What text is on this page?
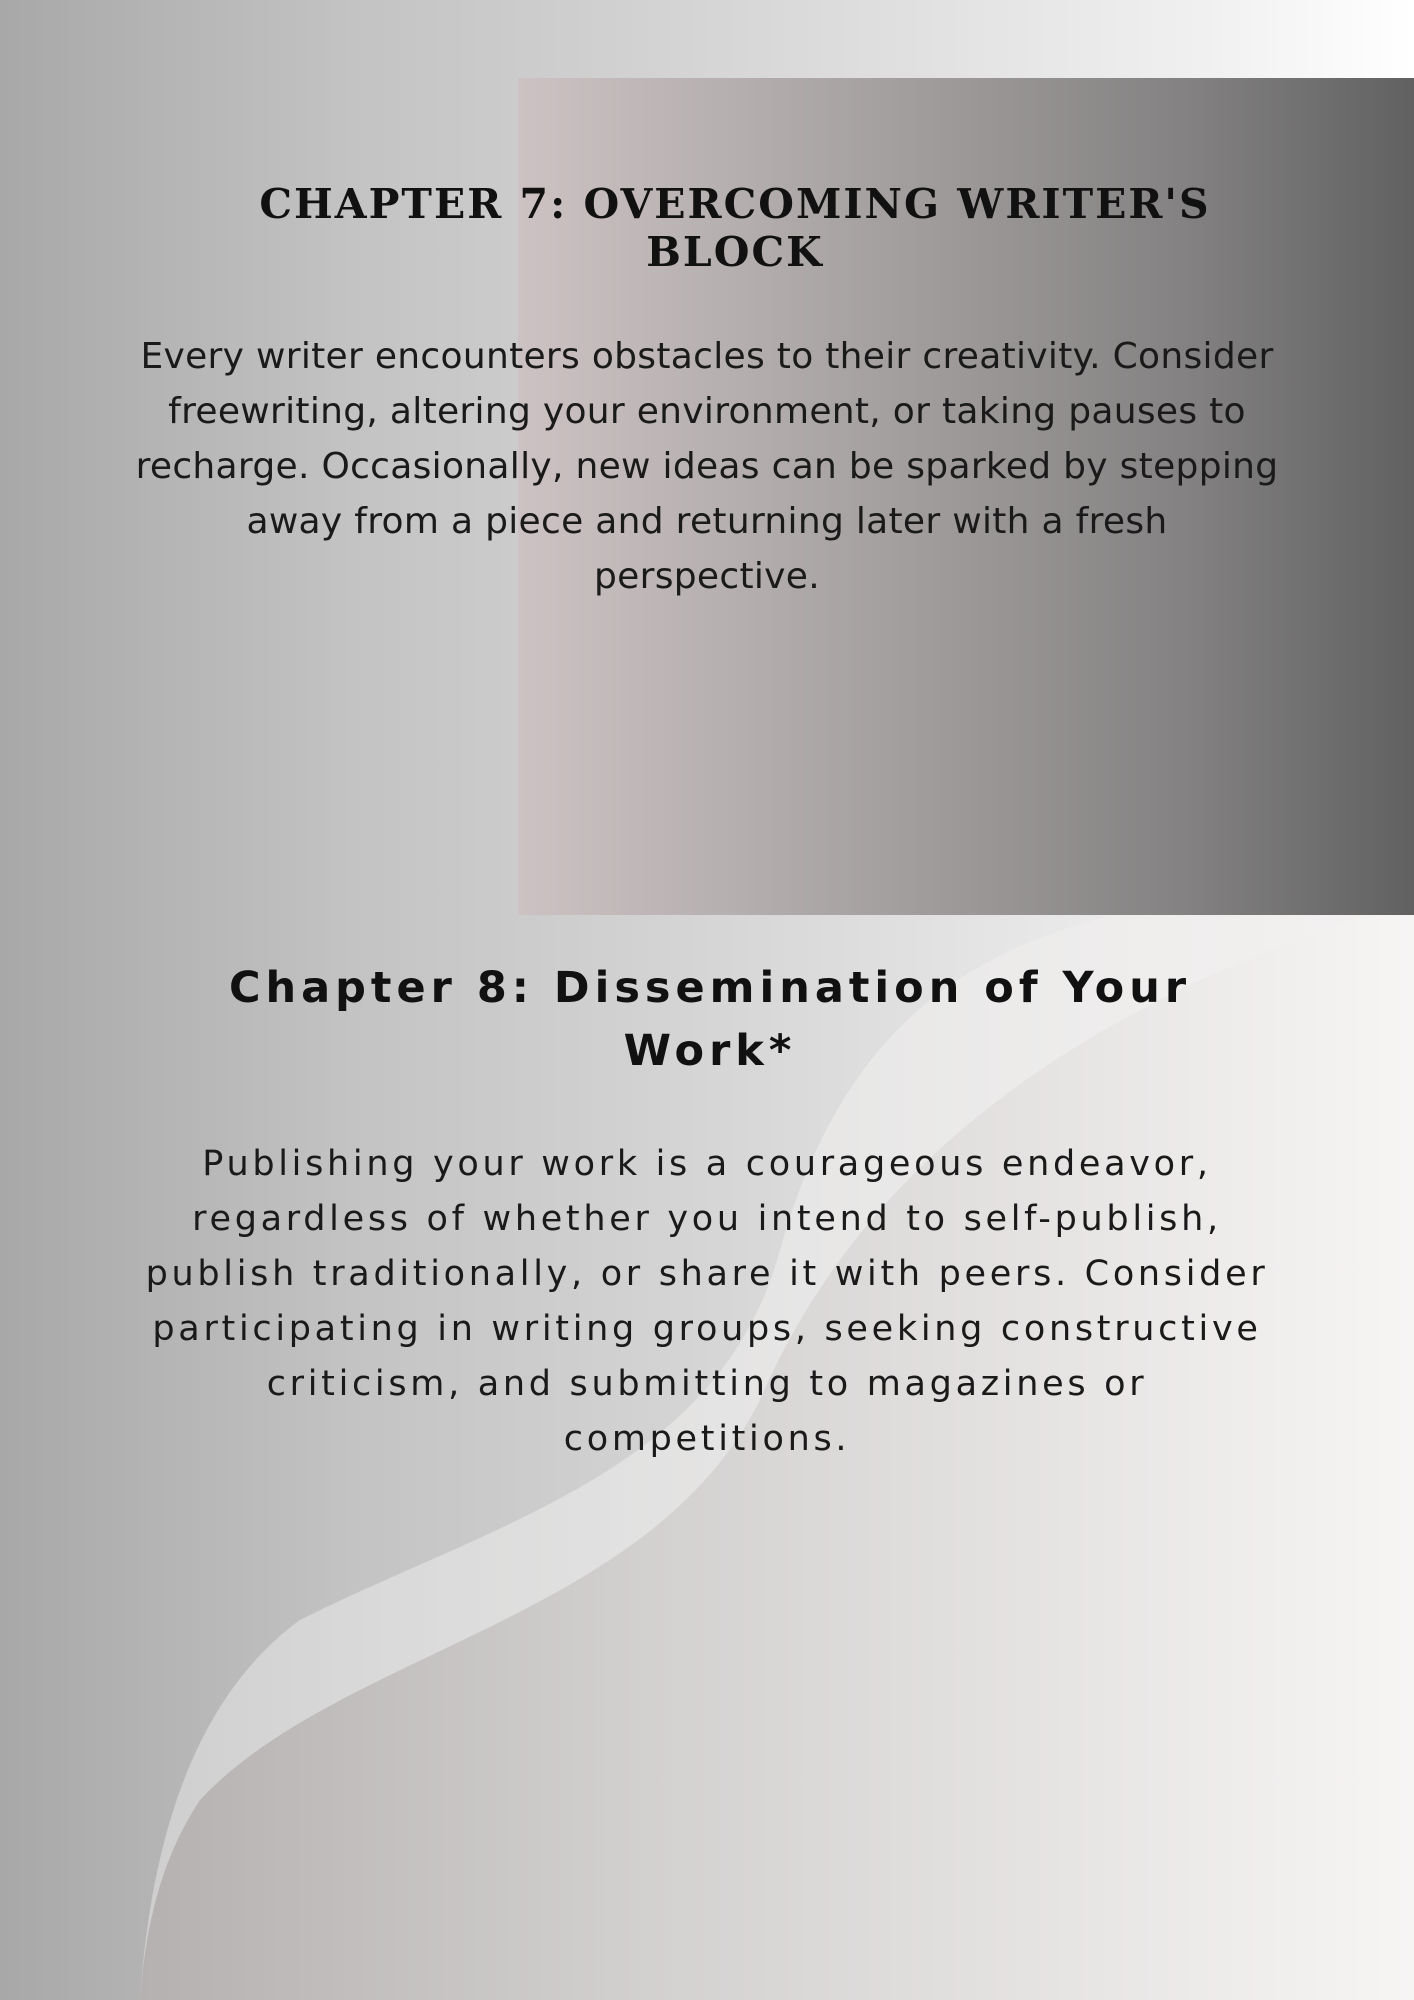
CHAPTER 7: OVERCOMING WRITER'S BLOCK

Every writer encounters obstacles to their creativity. Consider freewriting, altering your environment, or taking pauses to recharge. Occasionally, new ideas can be sparked by stepping away from a piece and returning later with a fresh perspective.

Chapter 8: Dissemination of Your Work*

Publishing your work is a courageous endeavor, regardless of whether you intend to self-publish, publish traditionally, or share it with peers. Consider participating in writing groups, seeking constructive criticism, and submitting to magazines or competitions.
